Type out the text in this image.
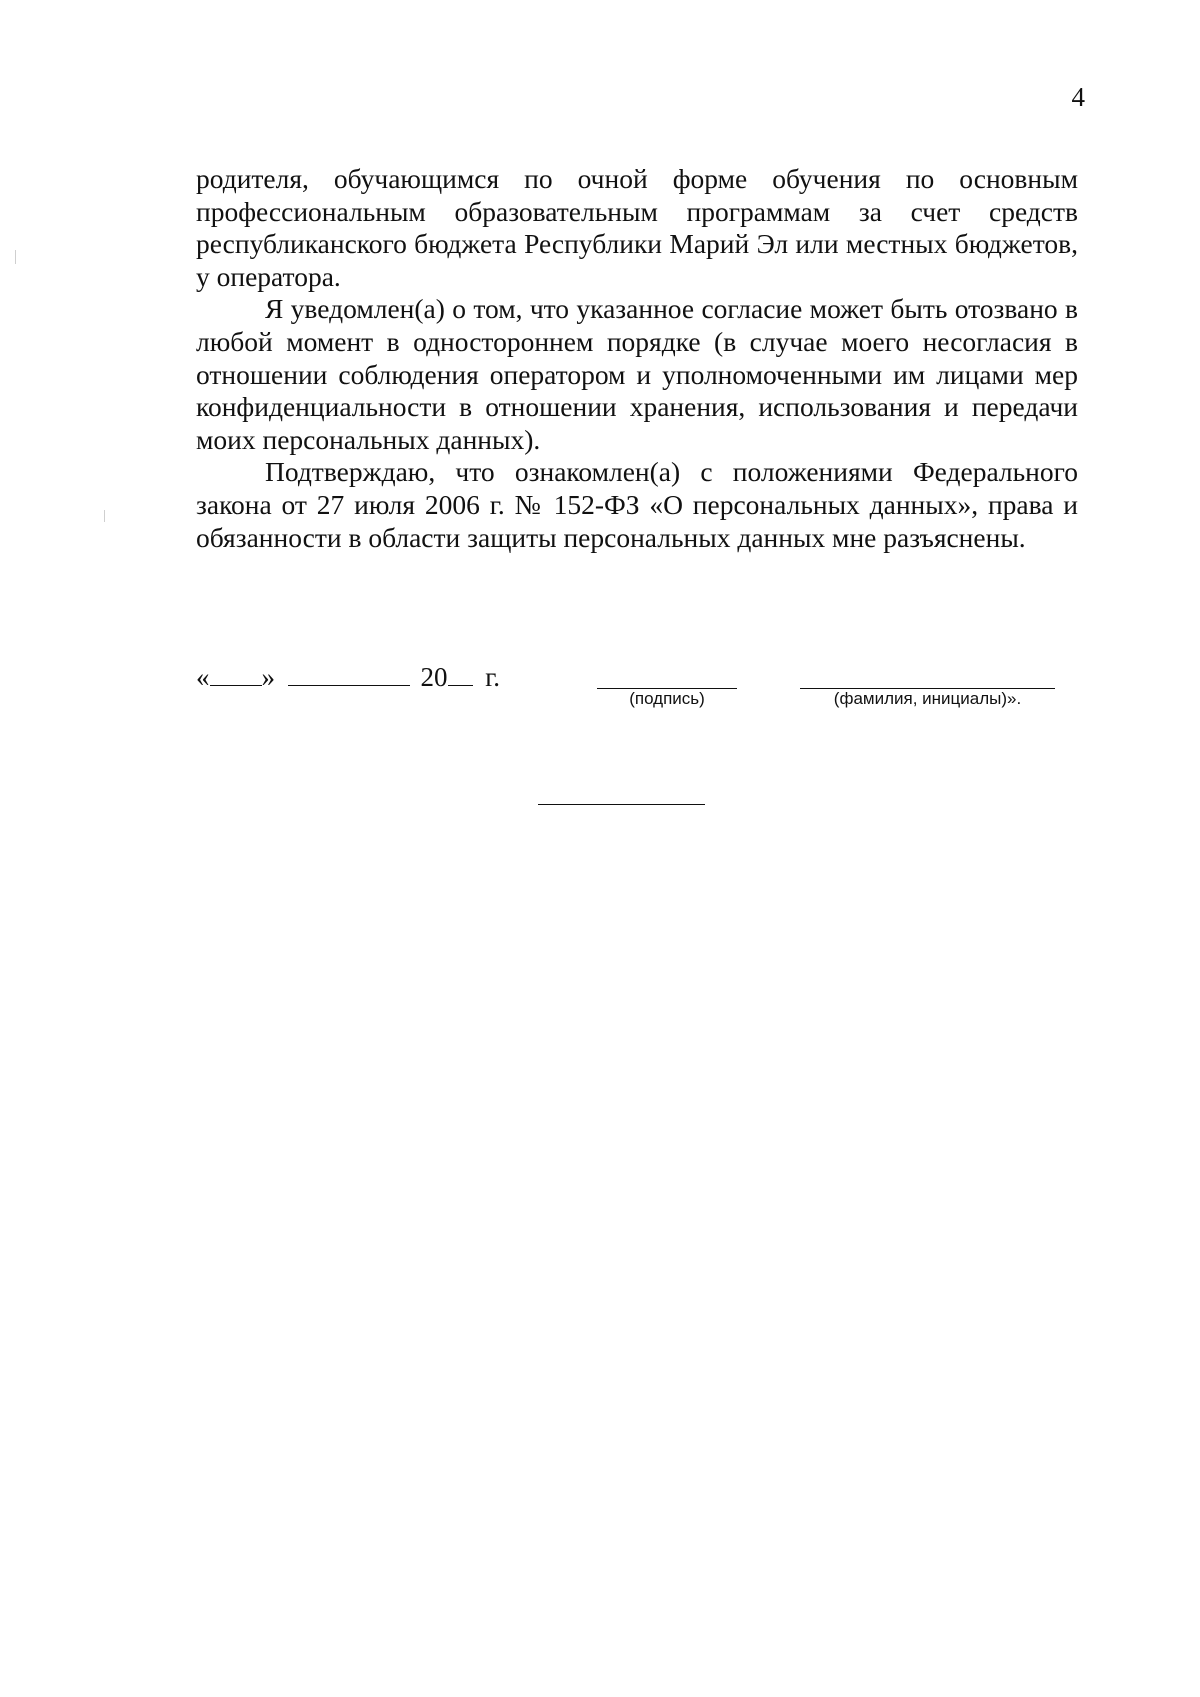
4

родителя, обучающимся по очной форме обучения по основным профессиональным образовательным программам за счет средств республиканского бюджета Республики Марий Эл или местных бюджетов, у оператора.

Я уведомлен(а) о том, что указанное согласие может быть отозвано в любой момент в одностороннем порядке (в случае моего несогласия в отношении соблюдения оператором и уполномоченными им лицами мер конфиденциальности в отношении хранения, использования и передачи моих персональных данных).

Подтверждаю, что ознакомлен(а) с положениями Федерального закона от 27 июля 2006 г. № 152-ФЗ «О персональных данных», права и обязанности в области защиты персональных данных мне разъяснены.

« »	20 г.
(подпись)	(фамилия, инициалы)».
